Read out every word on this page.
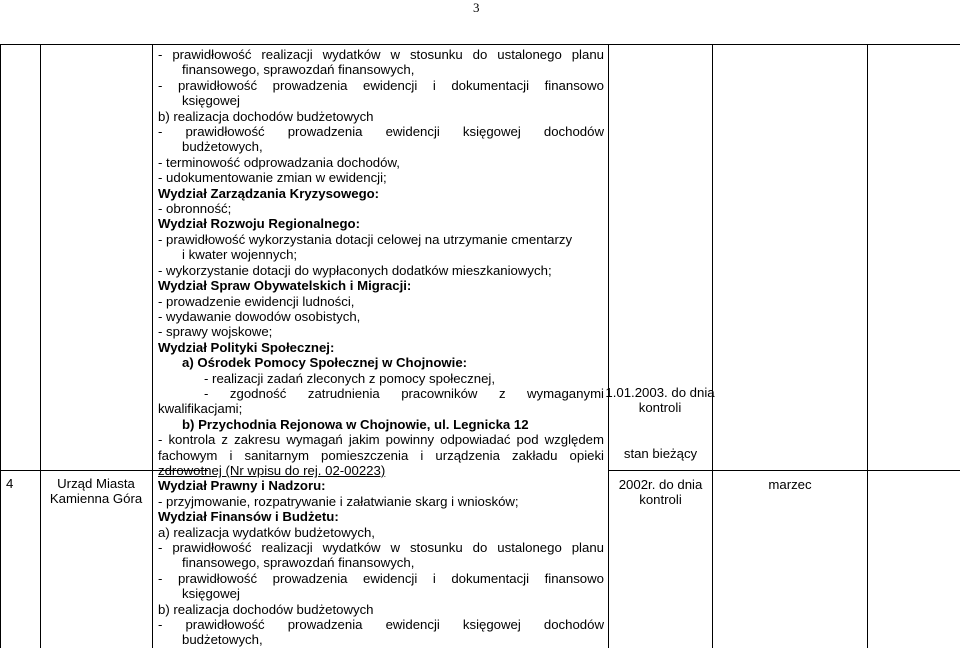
3
4	Urząd Miasta
Kamienna Góra
- prawidłowość realizacji wydatków w stosunku do ustalonego planu
finansowego, sprawozdań finansowych,
- prawidłowość prowadzenia ewidencji i dokumentacji finansowo
księgowej
b) realizacja dochodów budżetowych
- prawidłowość prowadzenia ewidencji księgowej dochodów
budżetowych,
- terminowość odprowadzania dochodów,
- udokumentowanie zmian w ewidencji;
Wydział Zarządzania Kryzysowego:
- obronność;
Wydział Rozwoju Regionalnego:
- prawidłowość wykorzystania dotacji celowej na utrzymanie cmentarzy
i kwater wojennych;
- wykorzystanie dotacji do wypłaconych dodatków mieszkaniowych;
Wydział Spraw Obywatelskich i Migracji:
- prowadzenie ewidencji ludności,
- wydawanie dowodów osobistych,
- sprawy wojskowe;
Wydział Polityki Społecznej:
a) Ośrodek Pomocy Społecznej w Chojnowie:
- realizacji zadań zleconych z pomocy społecznej,
- zgodność zatrudnienia pracowników z wymaganymi
kwalifikacjami;
b) Przychodnia Rejonowa w Chojnowie, ul. Legnicka 12
- kontrola z zakresu wymagań jakim powinny odpowiadać pod względem
fachowym i sanitarnym pomieszczenia i urządzenia zakładu opieki
zdrowotnej (Nr wpisu do rej. 02-00223)
Wydział Prawny i Nadzoru:
- przyjmowanie, rozpatrywanie i załatwianie skarg i wniosków;
Wydział Finansów i Budżetu:
a) realizacja wydatków budżetowych,
- prawidłowość realizacji wydatków w stosunku do ustalonego planu
finansowego, sprawozdań finansowych,
- prawidłowość prowadzenia ewidencji i dokumentacji finansowo
księgowej
b) realizacja dochodów budżetowych
- prawidłowość prowadzenia ewidencji księgowej dochodów
budżetowych,
1.01.2003. do dnia
kontroli
stan bieżący
2002r. do dnia
kontroli
marzec
